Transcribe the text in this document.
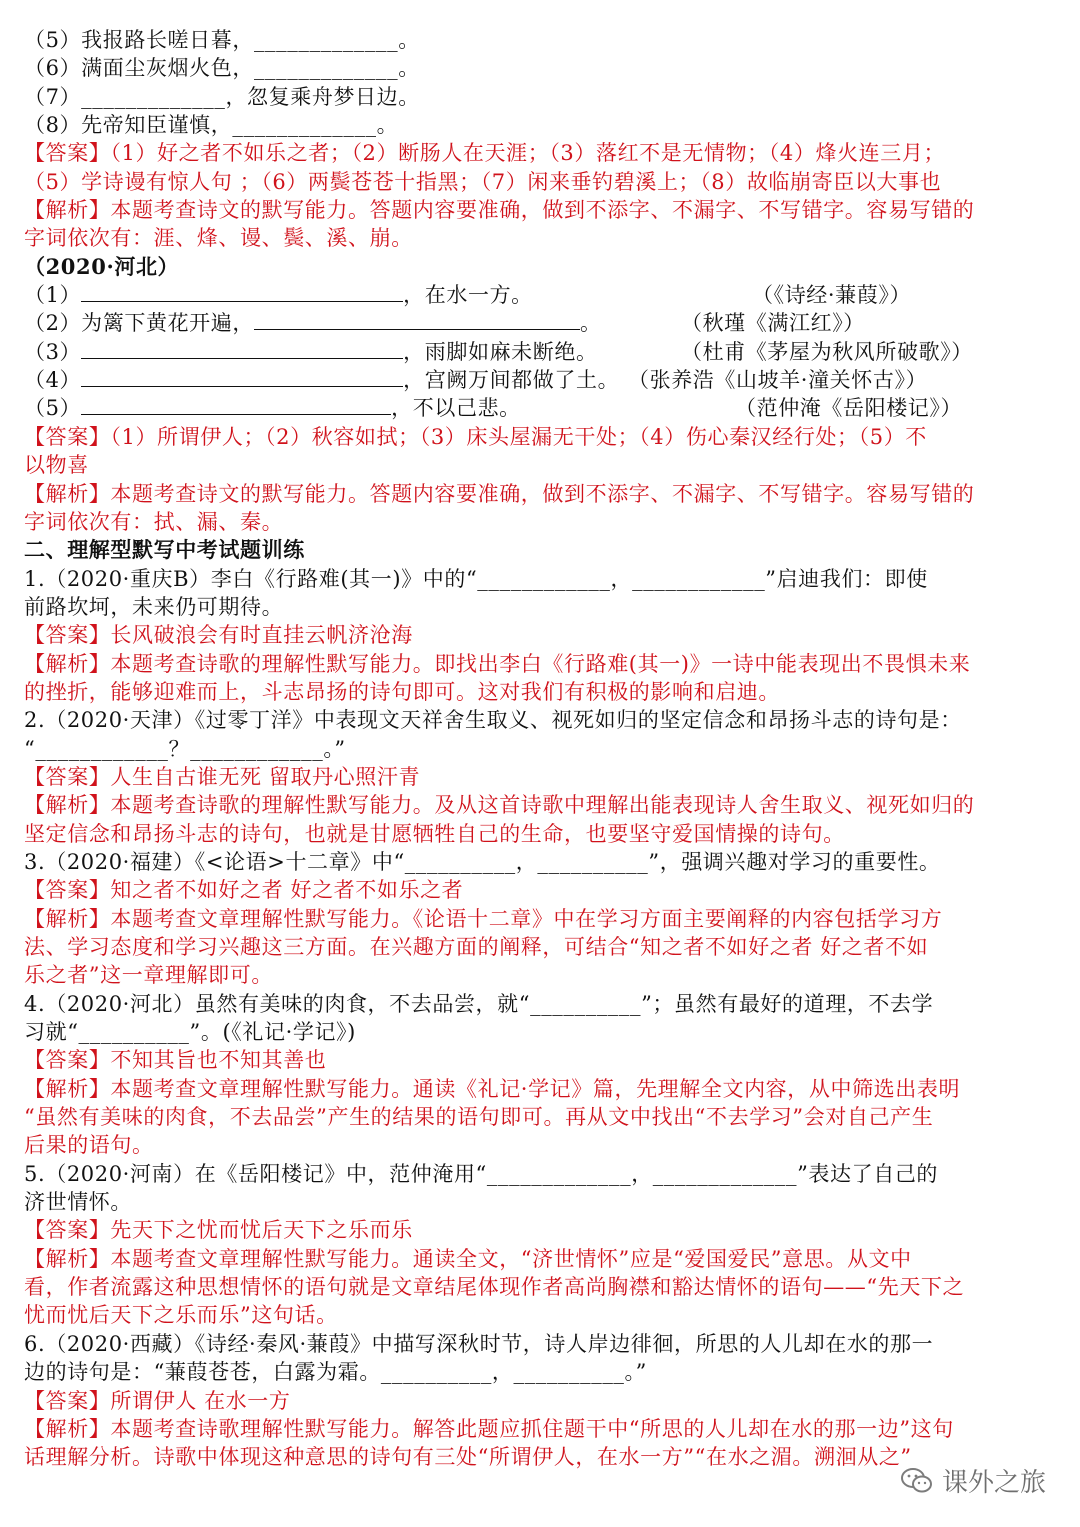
（5）我报路长嗟日暮，_____________。
（6）满面尘灰烟火色，_____________。
（7）_____________，忽复乘舟梦日边。
（8）先帝知臣谨慎，_____________。
【答案】（1）好之者不如乐之者；（2）断肠人在天涯；（3）落红不是无情物；（4）烽火连三月；
（5）学诗谩有惊人句 ；（6）两鬓苍苍十指黑；（7）闲来垂钓碧溪上；（8）故临崩寄臣以大事也
【解析】本题考查诗文的默写能力。答题内容要准确，做到不添字、不漏字、不写错字。容易写错的
字词依次有：涯、烽、谩、鬓、溪、崩。
（2020·河北）
（1）	，在水一方。	（《诗经·蒹葭》）
（2）为篱下黄花开遍，	。	（秋瑾《满江红》）
（3）	，雨脚如麻未断绝。	（杜甫《茅屋为秋风所破歌》）
（4）	，宫阙万间都做了土。 （张养浩《山坡羊·潼关怀古》）
（5）	，不以己悲。	（范仲淹《岳阳楼记》）
【答案】（1）所谓伊人；（2）秋容如拭；（3）床头屋漏无干处；（4）伤心秦汉经行处；（5）不
以物喜
【解析】本题考查诗文的默写能力。答题内容要准确，做到不添字、不漏字、不写错字。容易写错的
字词依次有：拭、漏、秦。
二、理解型默写中考试题训练
1.（2020·重庆B）李白《行路难(其一)》中的“____________，____________”启迪我们：即使
前路坎坷，未来仍可期待。
【答案】长风破浪会有时直挂云帆济沧海
【解析】本题考查诗歌的理解性默写能力。即找出李白《行路难(其一)》一诗中能表现出不畏惧未来
的挫折，能够迎难而上，斗志昂扬的诗句即可。这对我们有积极的影响和启迪。
2.（2020·天津）《过零丁洋》中表现文天祥舍生取义、视死如归的坚定信念和昂扬斗志的诗句是：
“____________？____________。”
【答案】人生自古谁无死 留取丹心照汗青
【解析】本题考查诗歌的理解性默写能力。及从这首诗歌中理解出能表现诗人舍生取义、视死如归的
坚定信念和昂扬斗志的诗句，也就是甘愿牺牲自己的生命，也要坚守爱国情操的诗句。
3.（2020·福建）《<论语>十二章》中“__________，__________”，强调兴趣对学习的重要性。
【答案】知之者不如好之者 好之者不如乐之者
【解析】本题考查文章理解性默写能力。《论语十二章》中在学习方面主要阐释的内容包括学习方
法、学习态度和学习兴趣这三方面。在兴趣方面的阐释，可结合“知之者不如好之者 好之者不如
乐之者”这一章理解即可。
4.（2020·河北）虽然有美味的肉食，不去品尝，就“__________”；虽然有最好的道理，不去学
习就“__________”。(《礼记·学记》)
【答案】不知其旨也不知其善也
【解析】本题考查文章理解性默写能力。通读《礼记·学记》篇，先理解全文内容，从中筛选出表明
“虽然有美味的肉食，不去品尝”产生的结果的语句即可。再从文中找出“不去学习”会对自己产生
后果的语句。
5.（2020·河南）在《岳阳楼记》中，范仲淹用“_____________，_____________”表达了自己的
济世情怀。
【答案】先天下之忧而忧后天下之乐而乐
【解析】本题考查文章理解性默写能力。通读全文，“济世情怀”应是“爱国爱民”意思。从文中
看，作者流露这种思想情怀的语句就是文章结尾体现作者高尚胸襟和豁达情怀的语句——“先天下之
忧而忧后天下之乐而乐”这句话。
6.（2020·西藏）《诗经·秦风·蒹葭》中描写深秋时节，诗人岸边徘徊，所思的人儿却在水的那一
边的诗句是：“蒹葭苍苍，白露为霜。__________，__________。”
【答案】所谓伊人 在水一方
【解析】本题考查诗歌理解性默写能力。解答此题应抓住题干中“所思的人儿却在水的那一边”这句
话理解分析。诗歌中体现这种意思的诗句有三处“所谓伊人，在水一方”“在水之湄。溯洄从之”
课外之旅
